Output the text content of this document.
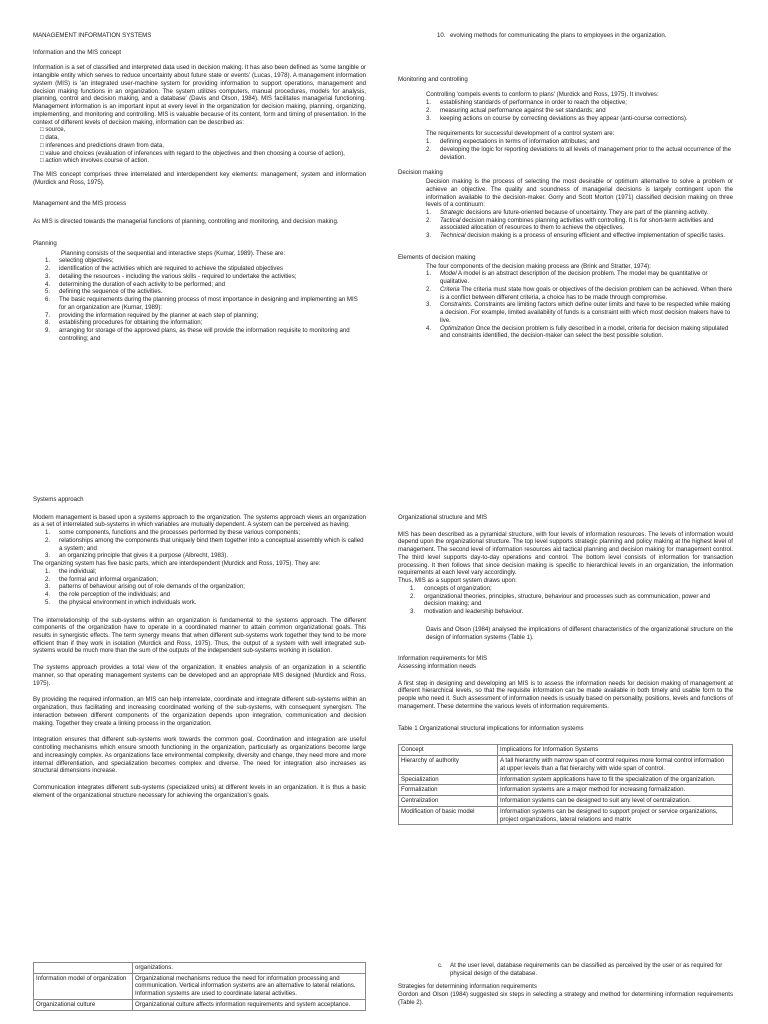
MANAGEMENT INFORMATION SYSTEMS
Information and the MIS concept

Information is a set of classified and interpreted data used in decision making. It has also been defined as 'some tangible or intangible entity which serves to reduce uncertainty about future state or events' (Lucas, 1978). A management information system (MIS) is 'an integrated user-machine system for providing information to support operations, management and decision making functions in an organization. The system utilizes computers, manual procedures, models for analysis, planning, control and decision making, and a database' (Davis and Olson, 1984). MIS facilitates managerial functioning. Management information is an important input at every level in the organization for decision making, planning, organizing, implementing, and monitoring and controlling. MIS is valuable because of its content, form and timing of presentation. In the context of different levels of decision making, information can be described as:

□ source,
□ data,
□ inferences and predictions drawn from data,
□ value and choices (evaluation of inferences with regard to the objectives and then choosing a course of action),
□ action which involves course of action.

The MIS concept comprises three interrelated and interdependent key elements: management, system and information (Murdick and Ross, 1975).

Management and the MIS process

As MIS is directed towards the managerial functions of planning, controlling and monitoring, and decision making.

Planning

Planning consists of the sequential and interactive steps (Kumar, 1989). These are:

1. selecting objectives;
2. identification of the activities which are required to achieve the stipulated objectives
3. detailing the resources - including the various skills - required to undertake the activities;
4. determining the duration of each activity to be performed; and
5. defining the sequence of the activities.
6. The basic requirements during the planning process of most importance in designing and implementing an MIS for an organization are (Kumar, 1989):
7. providing the information required by the planner at each step of planning;
8. establishing procedures for obtaining the information;
9. arranging for storage of the approved plans, as these will provide the information requisite to monitoring and controlling; and
10. evolving methods for communicating the plans to employees in the organization.
Monitoring and controlling

Controlling 'compels events to conform to plans' (Murdick and Ross, 1975). It involves:

1. establishing standards of performance in order to reach the objective;
2. measuring actual performance against the set standards; and
3. keeping actions on course by correcting deviations as they appear (anti-course corrections).

The requirements for successful development of a control system are:

1. defining expectations in terms of information attributes; and
2. developing the logic for reporting deviations to all levels of management prior to the actual occurrence of the deviation.
Decision making

Decision making is the process of selecting the most desirable or optimum alternative to solve a problem or achieve an objective. The quality and soundness of managerial decisions is largely contingent upon the information available to the decision-maker. Gorry and Scott Morton (1971) classified decision making on three levels of a continuum:

1. Strategic decisions are future-oriented because of uncertainty. They are part of the planning activity.
2. Tactical decision making combines planning activities with controlling. It is for short-term activities and associated allocation of resources to them to achieve the objectives.
3. Technical decision making is a process of ensuring efficient and effective implementation of specific tasks.
Elements of decision making

The four components of the decision making process are (Brink and Stratter, 1974):

1. Model A model is an abstract description of the decision problem. The model may be quantitative or qualitative.
2. Criteria The criteria must state how goals or objectives of the decision problem can be achieved. When there is a conflict between different criteria, a choice has to be made through compromise.
3. Constraints. Constraints are limiting factors which define outer limits and have to be respected while making a decision. For example, limited availability of funds is a constraint with which most decision makers have to live.
4. Optimization Once the decision problem is fully described in a model, criteria for decision making stipulated and constraints identified, the decision-maker can select the best possible solution.
Systems approach

Modern management is based upon a systems approach to the organization. The systems approach views an organization as a set of interrelated sub-systems in which variables are mutually dependent. A system can be perceived as having:

1. some components, functions and the processes performed by these various components;
2. relationships among the components that uniquely bind them together into a conceptual assembly which is called a system; and
3. an organizing principle that gives it a purpose (Albrecht, 1983).

The organizing system has five basic parts, which are interdependent (Murdick and Ross, 1975). They are:

1. the individual;
2. the formal and informal organization;
3. patterns of behaviour arising out of role demands of the organization;
4. the role perception of the individuals; and
5. the physical environment in which individuals work.

The interrelationship of the sub-systems within an organization is fundamental to the systems approach. The different components of the organization have to operate in a coordinated manner to attain common organizational goals. This results in synergistic effects. The term synergy means that when different sub-systems work together they tend to be more efficient than if they work in isolation (Murdick and Ross, 1975). Thus, the output of a system with well integrated sub-systems would be much more than the sum of the outputs of the independent sub-systems working in isolation.

The systems approach provides a total view of the organization. It enables analysis of an organization in a scientific manner, so that operating management systems can be developed and an appropriate MIS designed (Murdick and Ross, 1975).

By providing the required information, an MIS can help interrelate, coordinate and integrate different sub-systems within an organization, thus facilitating and increasing coordinated working of the sub-systems, with consequent synergism. The interaction between different components of the organization depends upon integration, communication and decision making. Together they create a linking process in the organization.

Integration ensures that different sub-systems work towards the common goal. Coordination and integration are useful controlling mechanisms which ensure smooth functioning in the organization, particularly as organizations become large and increasingly complex. As organizations face environmental complexity, diversity and change, they need more and more internal differentiation, and specialization becomes complex and diverse. The need for integration also increases as structural dimensions increase.

Communication integrates different sub-systems (specialized units) at different levels in an organization. It is thus a basic element of the organizational structure necessary for achieving the organization's goals.

Organizational structure and MIS

MIS has been described as a pyramidal structure, with four levels of information resources. The levels of information would depend upon the organizational structure. The top level supports strategic planning and policy making at the highest level of management. The second level of information resources aid tactical planning and decision making for management control. The third level supports day-to-day operations and control. The bottom level consists of information for transaction processing. It then follows that since decision making is specific to hierarchical levels in an organization, the information requirements at each level vary accordingly.

Thus, MIS as a support system draws upon:

1. concepts of organization;
2. organizational theories, principles, structure, behaviour and processes such as communication, power and decision making; and
3. motivation and leadership behaviour.

Davis and Olson (1984) analysed the implications of different characteristics of the organizational structure on the design of information systems (Table 1).

Information requirements for MIS
Assessing information needs

A first step in designing and developing an MIS is to assess the information needs for decision making of management at different hierarchical levels, so that the requisite information can be made available in both timely and usable form to the people who need it. Such assessment of information needs is usually based on personality, positions, levels and functions of management. These determine the various levels of information requirements.

Table 1 Organizational structural implications for information systems
Concept	Implications for Information Systems
Hierarchy of authority	A tall hierarchy with narrow span of control requires more formal control information at upper levels than a flat hierarchy with wide span of control.
Specialization	Information system applications have to fit the specialization of the organization.
Formalization	Information systems are a major method for increasing formalization.
Centralization	Information systems can be designed to suit any level of centralization.
Modification of basic model	Information systems can be designed to support project or service organizations, project organizations, lateral relations and matrix
	organizations.
Information model of organization	Organizational mechanisms reduce the need for information processing and communication. Vertical information systems are an alternative to lateral relations. Information systems are used to coordinate lateral activities.
Organizational culture	Organizational culture affects information requirements and system acceptance.
c. At the user level, database requirements can be classified as perceived by the user or as required for physical design of the database.
Strategies for determining information requirements

Gordon and Olson (1984) suggested six steps in selecting a strategy and method for determining information requirements (Table 2).
